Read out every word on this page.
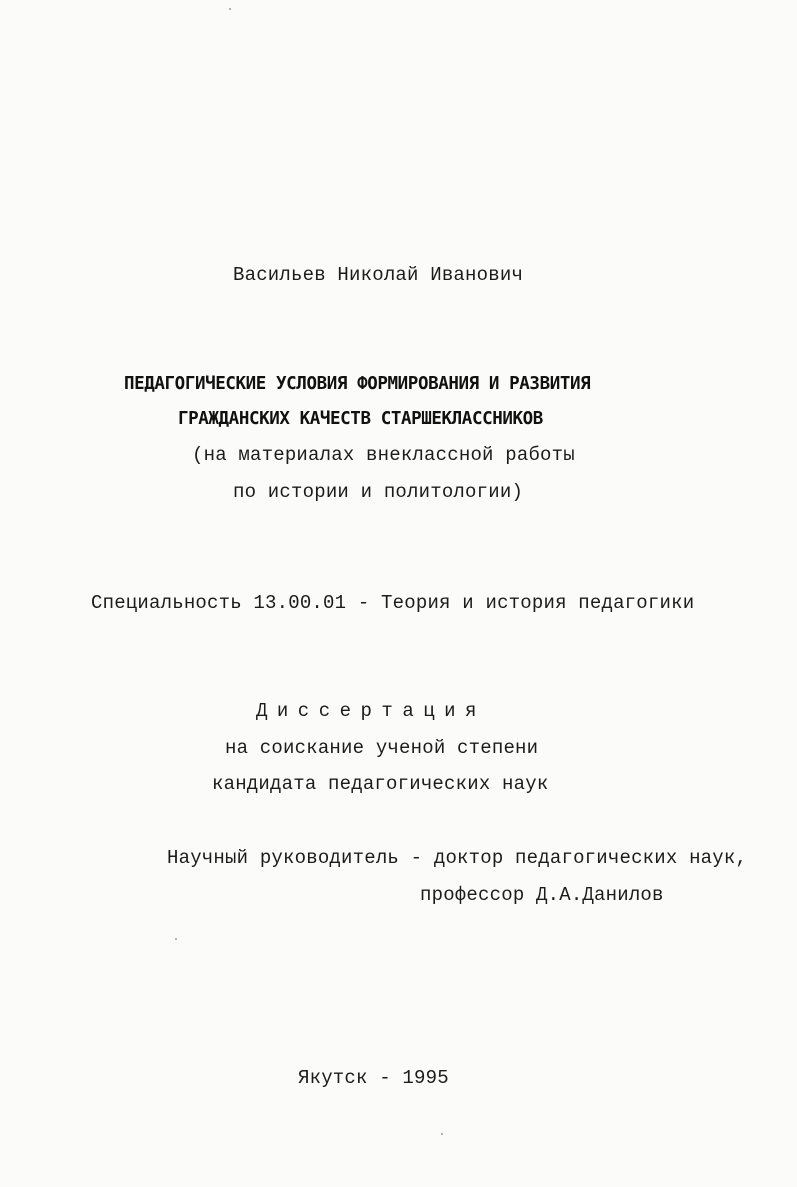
Васильев Николай Иванович

ПЕДАГОГИЧЕСКИЕ УСЛОВИЯ ФОРМИРОВАНИЯ И РАЗВИТИЯ

ГРАЖДАНСКИХ КАЧЕСТВ СТАРШЕКЛАССНИКОВ

(на материалах внеклассной работы

по истории и политологии)

Специальность 13.00.01 - Теория и история педагогики

Диссертация

на соискание ученой степени

кандидата педагогических наук

Научный руководитель - доктор педагогических наук,

профессор Д.А.Данилов

Якутск - 1995
